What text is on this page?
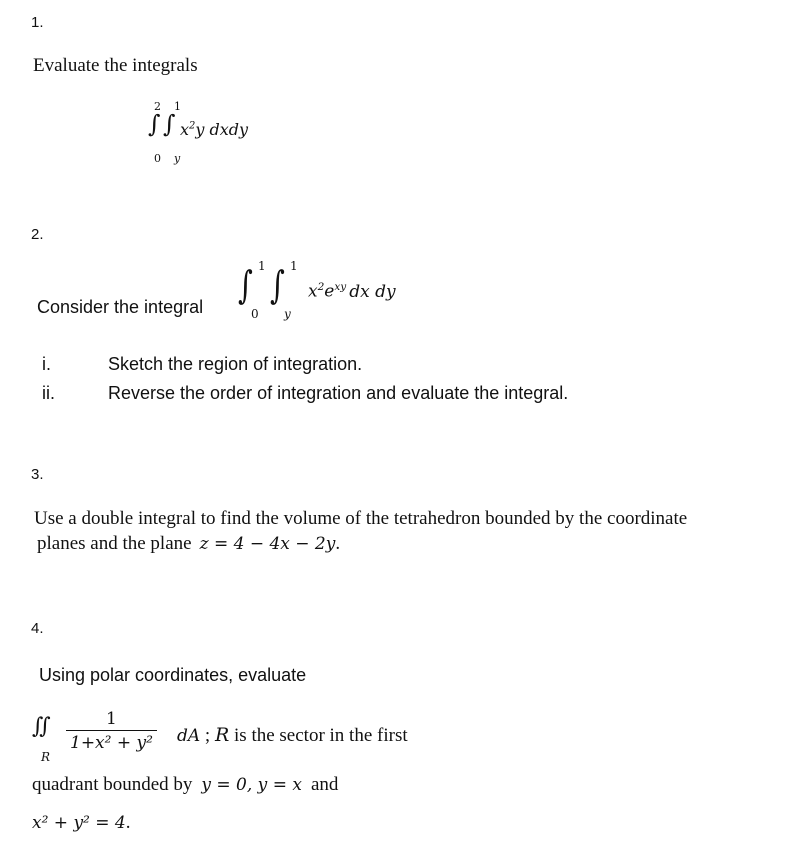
1.
Evaluate the integrals
2 1
∫ ∫ $x^2y$ dxdy
0 y
2.
Consider the integral ∫ 1
0
∫ 1
y
$x^2e^{xy}$ dx dy
i.	Sketch the region of integration.
ii.	Reverse the order of integration and evaluate the integral.
3.
Use a double integral to find the volume of the tetrahedron bounded by the coordinate
planes and the plane z = 4 − 4x − 2y.
4.
Using polar coordinates, evaluate
∬
R
$\frac{1}{\text{1+x² + y²}}$ dA ; R is the sector in the first
quadrant bounded by y = 0, y = x and
x² + y² = 4.
